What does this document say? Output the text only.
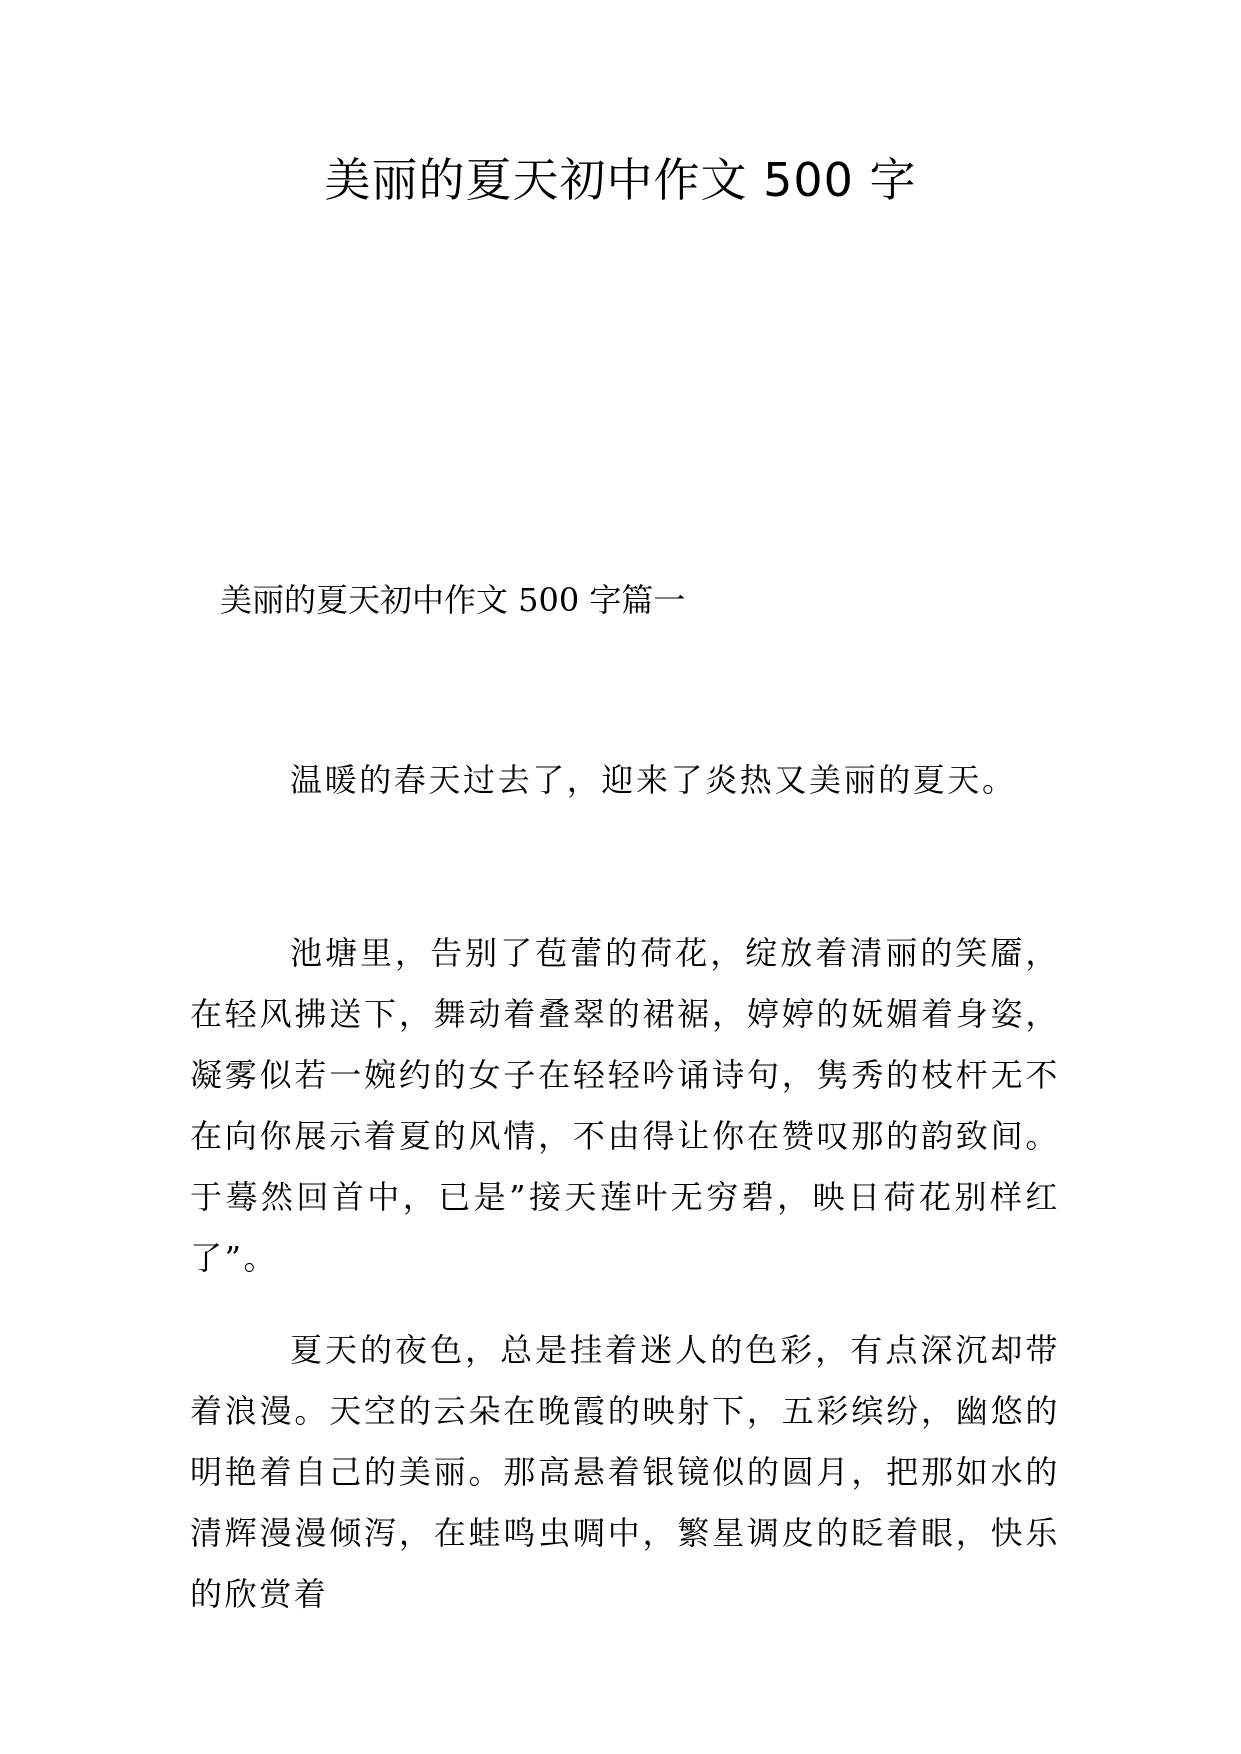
美丽的夏天初中作文 500 字
美丽的夏天初中作文 500 字篇一

温暖的春天过去了，迎来了炎热又美丽的夏天。

池塘里，告别了苞蕾的荷花，绽放着清丽的笑靥，在轻风拂送下，舞动着叠翠的裙裾，婷婷的妩媚着身姿，凝雾似若一婉约的女子在轻轻吟诵诗句，隽秀的枝杆无不在向你展示着夏的风情，不由得让你在赞叹那的韵致间。于蓦然回首中，已是”接天莲叶无穷碧，映日荷花别样红了”。

夏天的夜色，总是挂着迷人的色彩，有点深沉却带着浪漫。天空的云朵在晚霞的映射下，五彩缤纷，幽悠的明艳着自己的美丽。那高悬着银镜似的圆月，把那如水的清辉漫漫倾泻，在蛙鸣虫啁中，繁星调皮的眨着眼，快乐的欣赏着
